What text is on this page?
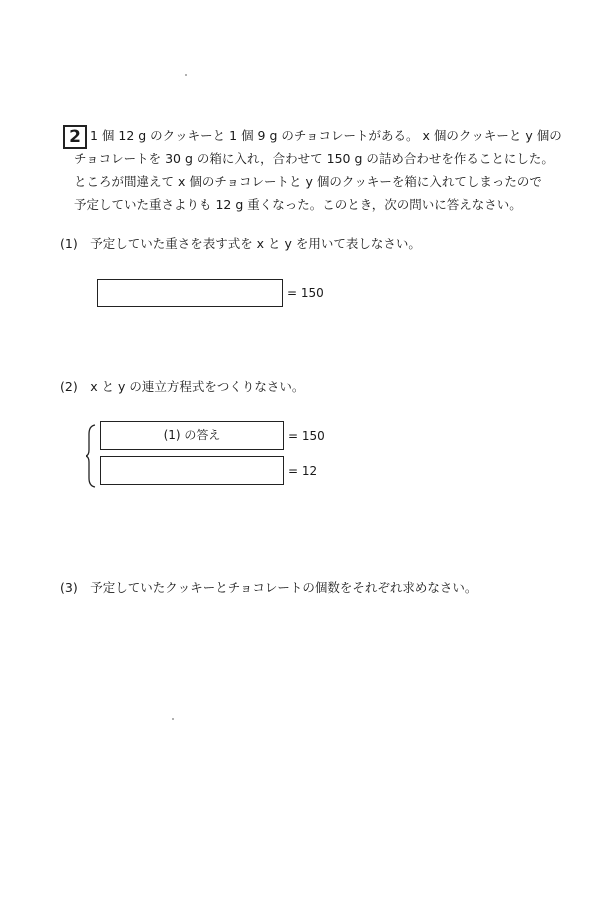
2 1 個 12 g のクッキーと 1 個 9 g のチョコレートがある。 x 個のクッキーと y 個の
チョコレートを 30 g の箱に入れ，合わせて 150 g の詰め合わせを作ることにした。
ところが間違えて x 個のチョコレートと y 個のクッキーを箱に入れてしまったので
予定していた重さよりも 12 g 重くなった。このとき，次の問いに答えなさい。
(1)　予定していた重さを表す式を x と y を用いて表しなさい。
= 150
(2)　x と y の連立方程式をつくりなさい。
(1) の答え	= 150
= 12
(3)　予定していたクッキーとチョコレートの個数をそれぞれ求めなさい。
